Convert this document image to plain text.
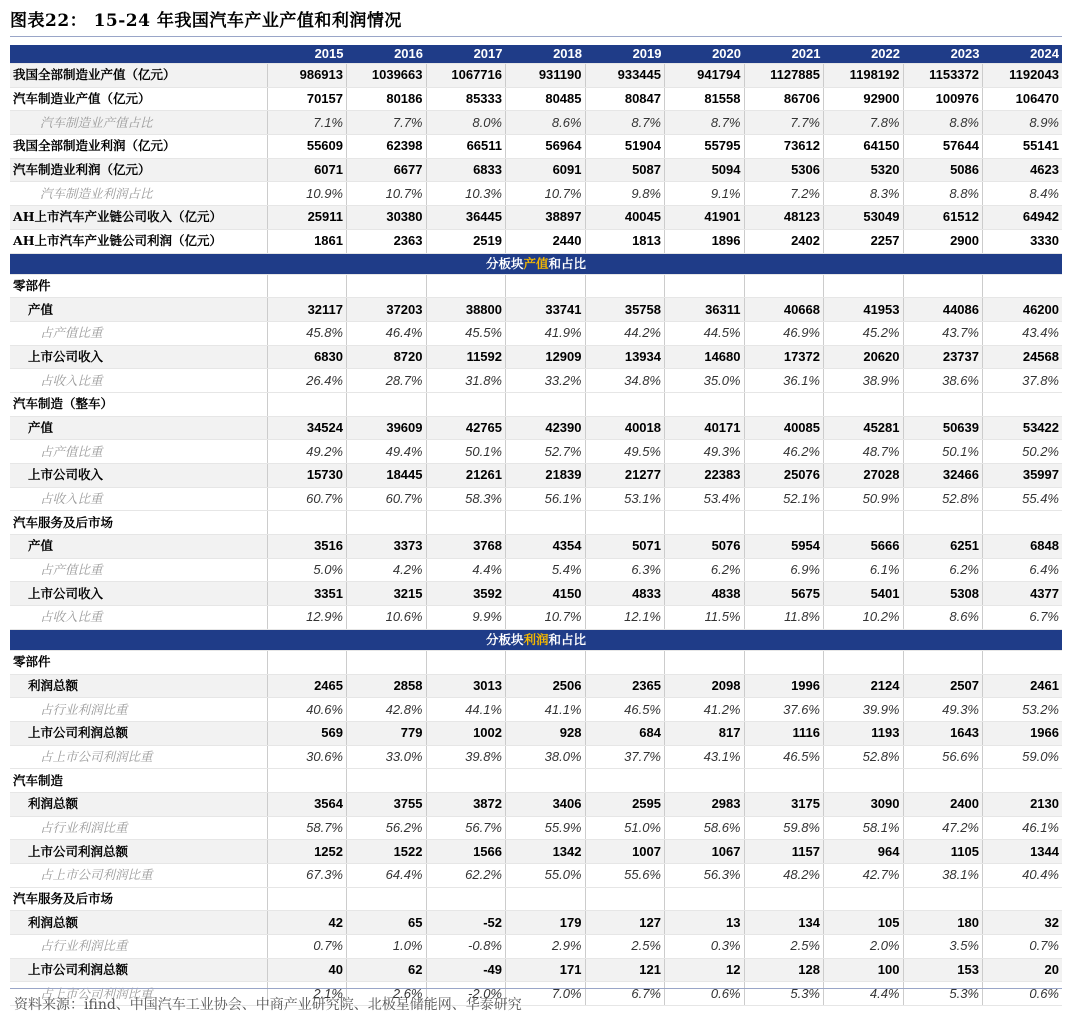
图表22： 15-24 年我国汽车产业产值和利润情况
	2015	2016	2017	2018	2019	2020	2021	2022	2023	2024
我国全部制造业产值（亿元）	986913	1039663	1067716	931190	933445	941794	1127885	1198192	1153372	1192043
汽车制造业产值（亿元）	70157	80186	85333	80485	80847	81558	86706	92900	100976	106470
汽车制造业产值占比	7.1%	7.7%	8.0%	8.6%	8.7%	8.7%	7.7%	7.8%	8.8%	8.9%
我国全部制造业利润（亿元）	55609	62398	66511	56964	51904	55795	73612	64150	57644	55141
汽车制造业利润（亿元）	6071	6677	6833	6091	5087	5094	5306	5320	5086	4623
汽车制造业利润占比	10.9%	10.7%	10.3%	10.7%	9.8%	9.1%	7.2%	8.3%	8.8%	8.4%
AH上市汽车产业链公司收入（亿元）	25911	30380	36445	38897	40045	41901	48123	53049	61512	64942
AH上市汽车产业链公司利润（亿元）	1861	2363	2519	2440	1813	1896	2402	2257	2900	3330
分板块产值和占比										
零部件										
产值	32117	37203	38800	33741	35758	36311	40668	41953	44086	46200
占产值比重	45.8%	46.4%	45.5%	41.9%	44.2%	44.5%	46.9%	45.2%	43.7%	43.4%
上市公司收入	6830	8720	11592	12909	13934	14680	17372	20620	23737	24568
占收入比重	26.4%	28.7%	31.8%	33.2%	34.8%	35.0%	36.1%	38.9%	38.6%	37.8%
汽车制造（整车）										
产值	34524	39609	42765	42390	40018	40171	40085	45281	50639	53422
占产值比重	49.2%	49.4%	50.1%	52.7%	49.5%	49.3%	46.2%	48.7%	50.1%	50.2%
上市公司收入	15730	18445	21261	21839	21277	22383	25076	27028	32466	35997
占收入比重	60.7%	60.7%	58.3%	56.1%	53.1%	53.4%	52.1%	50.9%	52.8%	55.4%
汽车服务及后市场										
产值	3516	3373	3768	4354	5071	5076	5954	5666	6251	6848
占产值比重	5.0%	4.2%	4.4%	5.4%	6.3%	6.2%	6.9%	6.1%	6.2%	6.4%
上市公司收入	3351	3215	3592	4150	4833	4838	5675	5401	5308	4377
占收入比重	12.9%	10.6%	9.9%	10.7%	12.1%	11.5%	11.8%	10.2%	8.6%	6.7%
分板块利润和占比										
零部件										
利润总额	2465	2858	3013	2506	2365	2098	1996	2124	2507	2461
占行业利润比重	40.6%	42.8%	44.1%	41.1%	46.5%	41.2%	37.6%	39.9%	49.3%	53.2%
上市公司利润总额	569	779	1002	928	684	817	1116	1193	1643	1966
占上市公司利润比重	30.6%	33.0%	39.8%	38.0%	37.7%	43.1%	46.5%	52.8%	56.6%	59.0%
汽车制造										
利润总额	3564	3755	3872	3406	2595	2983	3175	3090	2400	2130
占行业利润比重	58.7%	56.2%	56.7%	55.9%	51.0%	58.6%	59.8%	58.1%	47.2%	46.1%
上市公司利润总额	1252	1522	1566	1342	1007	1067	1157	964	1105	1344
占上市公司利润比重	67.3%	64.4%	62.2%	55.0%	55.6%	56.3%	48.2%	42.7%	38.1%	40.4%
汽车服务及后市场										
利润总额	42	65	-52	179	127	13	134	105	180	32
占行业利润比重	0.7%	1.0%	-0.8%	2.9%	2.5%	0.3%	2.5%	2.0%	3.5%	0.7%
上市公司利润总额	40	62	-49	171	121	12	128	100	153	20
占上市公司利润比重	2.1%	2.6%	-2.0%	7.0%	6.7%	0.6%	5.3%	4.4%	5.3%	0.6%
资料来源：ifind、中国汽车工业协会、中商产业研究院、北极星储能网、华泰研究
